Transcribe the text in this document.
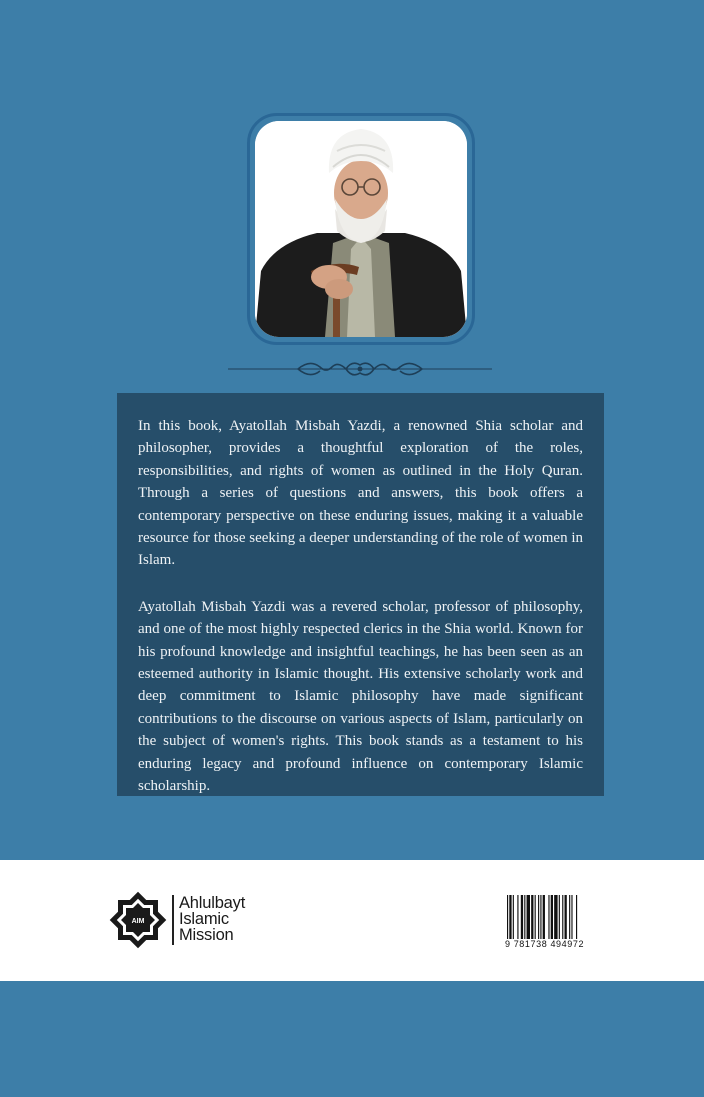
In this book, Ayatollah Misbah Yazdi, a renowned Shia scholar and philosopher, provides a thoughtful exploration of the roles, responsibilities, and rights of women as outlined in the Holy Quran. Through a series of questions and answers, this book offers a contemporary perspective on these enduring issues, making it a valuable resource for those seeking a deeper understanding of the role of women in Islam.

Ayatollah Misbah Yazdi was a revered scholar, professor of philosophy, and one of the most highly respected clerics in the Shia world. Known for his profound knowledge and insightful teachings, he has been seen as an esteemed authority in Islamic thought. His extensive scholarly work and deep commitment to Islamic philosophy have made significant contributions to the discourse on various aspects of Islam, particularly on the subject of women's rights. This book stands as a testament to his enduring legacy and profound influence on contemporary Islamic scholarship.

AIM
Ahlulbayt
Islamic
Mission	9 781738 494972
